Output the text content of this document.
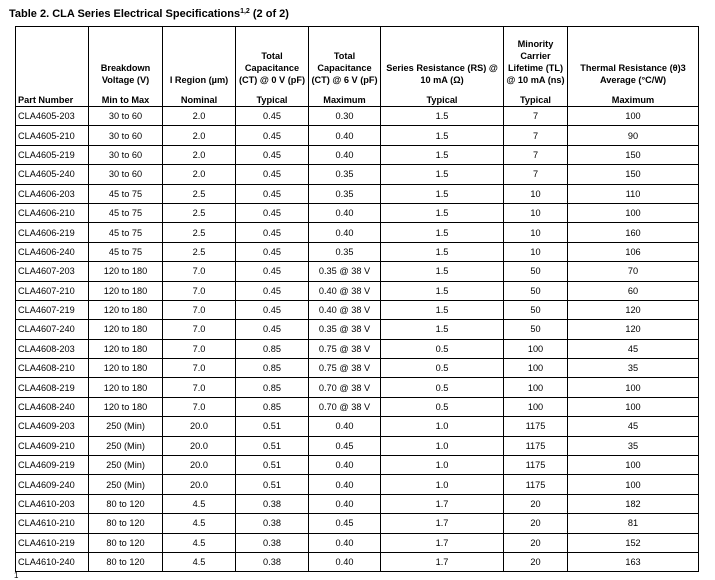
Table 2. CLA Series Electrical Specifications$^{1,2}$ (2 of 2)
	Breakdown Voltage (V)	I Region (µm)	Total Capacitance (CT) @ 0 V (pF)	Total Capacitance (CT) @ 6 V (pF)	Series Resistance (RS) @ 10 mA (Ω)	Minority Carrier Lifetime (TL) @ 10 mA (ns)	Thermal Resistance (θ)3 Average (°C/W)
Part Number	Min to Max	Nominal	Typical	Maximum	Typical	Typical	Maximum
CLA4605-203	30 to 60	2.0	0.45	0.30	1.5	7	100
CLA4605-210	30 to 60	2.0	0.45	0.40	1.5	7	90
CLA4605-219	30 to 60	2.0	0.45	0.40	1.5	7	150
CLA4605-240	30 to 60	2.0	0.45	0.35	1.5	7	150
CLA4606-203	45 to 75	2.5	0.45	0.35	1.5	10	110
CLA4606-210	45 to 75	2.5	0.45	0.40	1.5	10	100
CLA4606-219	45 to 75	2.5	0.45	0.40	1.5	10	160
CLA4606-240	45 to 75	2.5	0.45	0.35	1.5	10	106
CLA4607-203	120 to 180	7.0	0.45	0.35 @ 38 V	1.5	50	70
CLA4607-210	120 to 180	7.0	0.45	0.40 @ 38 V	1.5	50	60
CLA4607-219	120 to 180	7.0	0.45	0.40 @ 38 V	1.5	50	120
CLA4607-240	120 to 180	7.0	0.45	0.35 @ 38 V	1.5	50	120
CLA4608-203	120 to 180	7.0	0.85	0.75 @ 38 V	0.5	100	45
CLA4608-210	120 to 180	7.0	0.85	0.75 @ 38 V	0.5	100	35
CLA4608-219	120 to 180	7.0	0.85	0.70 @ 38 V	0.5	100	100
CLA4608-240	120 to 180	7.0	0.85	0.70 @ 38 V	0.5	100	100
CLA4609-203	250 (Min)	20.0	0.51	0.40	1.0	1175	45
CLA4609-210	250 (Min)	20.0	0.51	0.45	1.0	1175	35
CLA4609-219	250 (Min)	20.0	0.51	0.40	1.0	1175	100
CLA4609-240	250 (Min)	20.0	0.51	0.40	1.0	1175	100
CLA4610-203	80 to 120	4.5	0.38	0.40	1.7	20	182
CLA4610-210	80 to 120	4.5	0.38	0.45	1.7	20	81
CLA4610-219	80 to 120	4.5	0.38	0.40	1.7	20	152
CLA4610-240	80 to 120	4.5	0.38	0.40	1.7	20	163
1
